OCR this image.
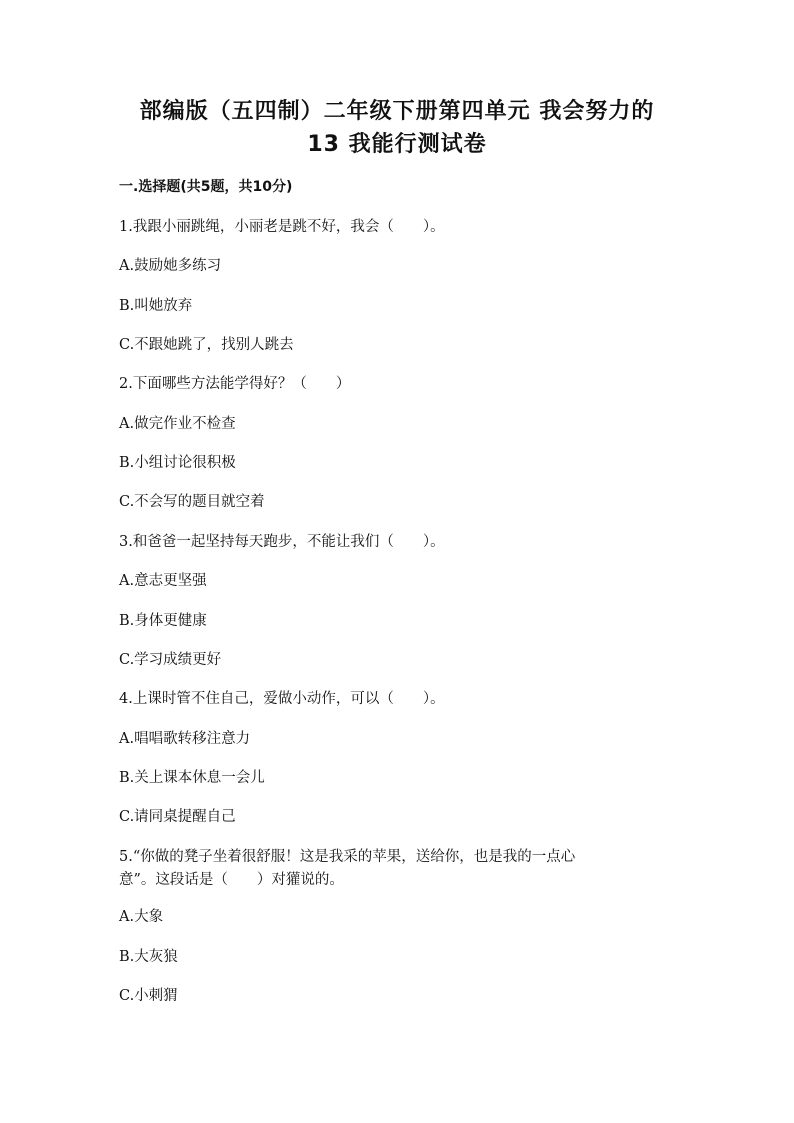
部编版（五四制）二年级下册第四单元 我会努力的
13 我能行测试卷
一.选择题(共5题，共10分)
1.我跟小丽跳绳，小丽老是跳不好，我会（　　）。
A.鼓励她多练习
B.叫她放弃
C.不跟她跳了，找别人跳去
2.下面哪些方法能学得好？（　　）
A.做完作业不检查
B.小组讨论很积极
C.不会写的题目就空着
3.和爸爸一起坚持每天跑步，不能让我们（　　）。
A.意志更坚强
B.身体更健康
C.学习成绩更好
4.上课时管不住自己，爱做小动作，可以（　　）。
A.唱唱歌转移注意力
B.关上课本休息一会儿
C.请同桌提醒自己
5.“你做的凳子坐着很舒服！这是我采的苹果，送给你，也是我的一点心
意”。这段话是（　　）对獾说的。
A.大象
B.大灰狼
C.小刺猬
